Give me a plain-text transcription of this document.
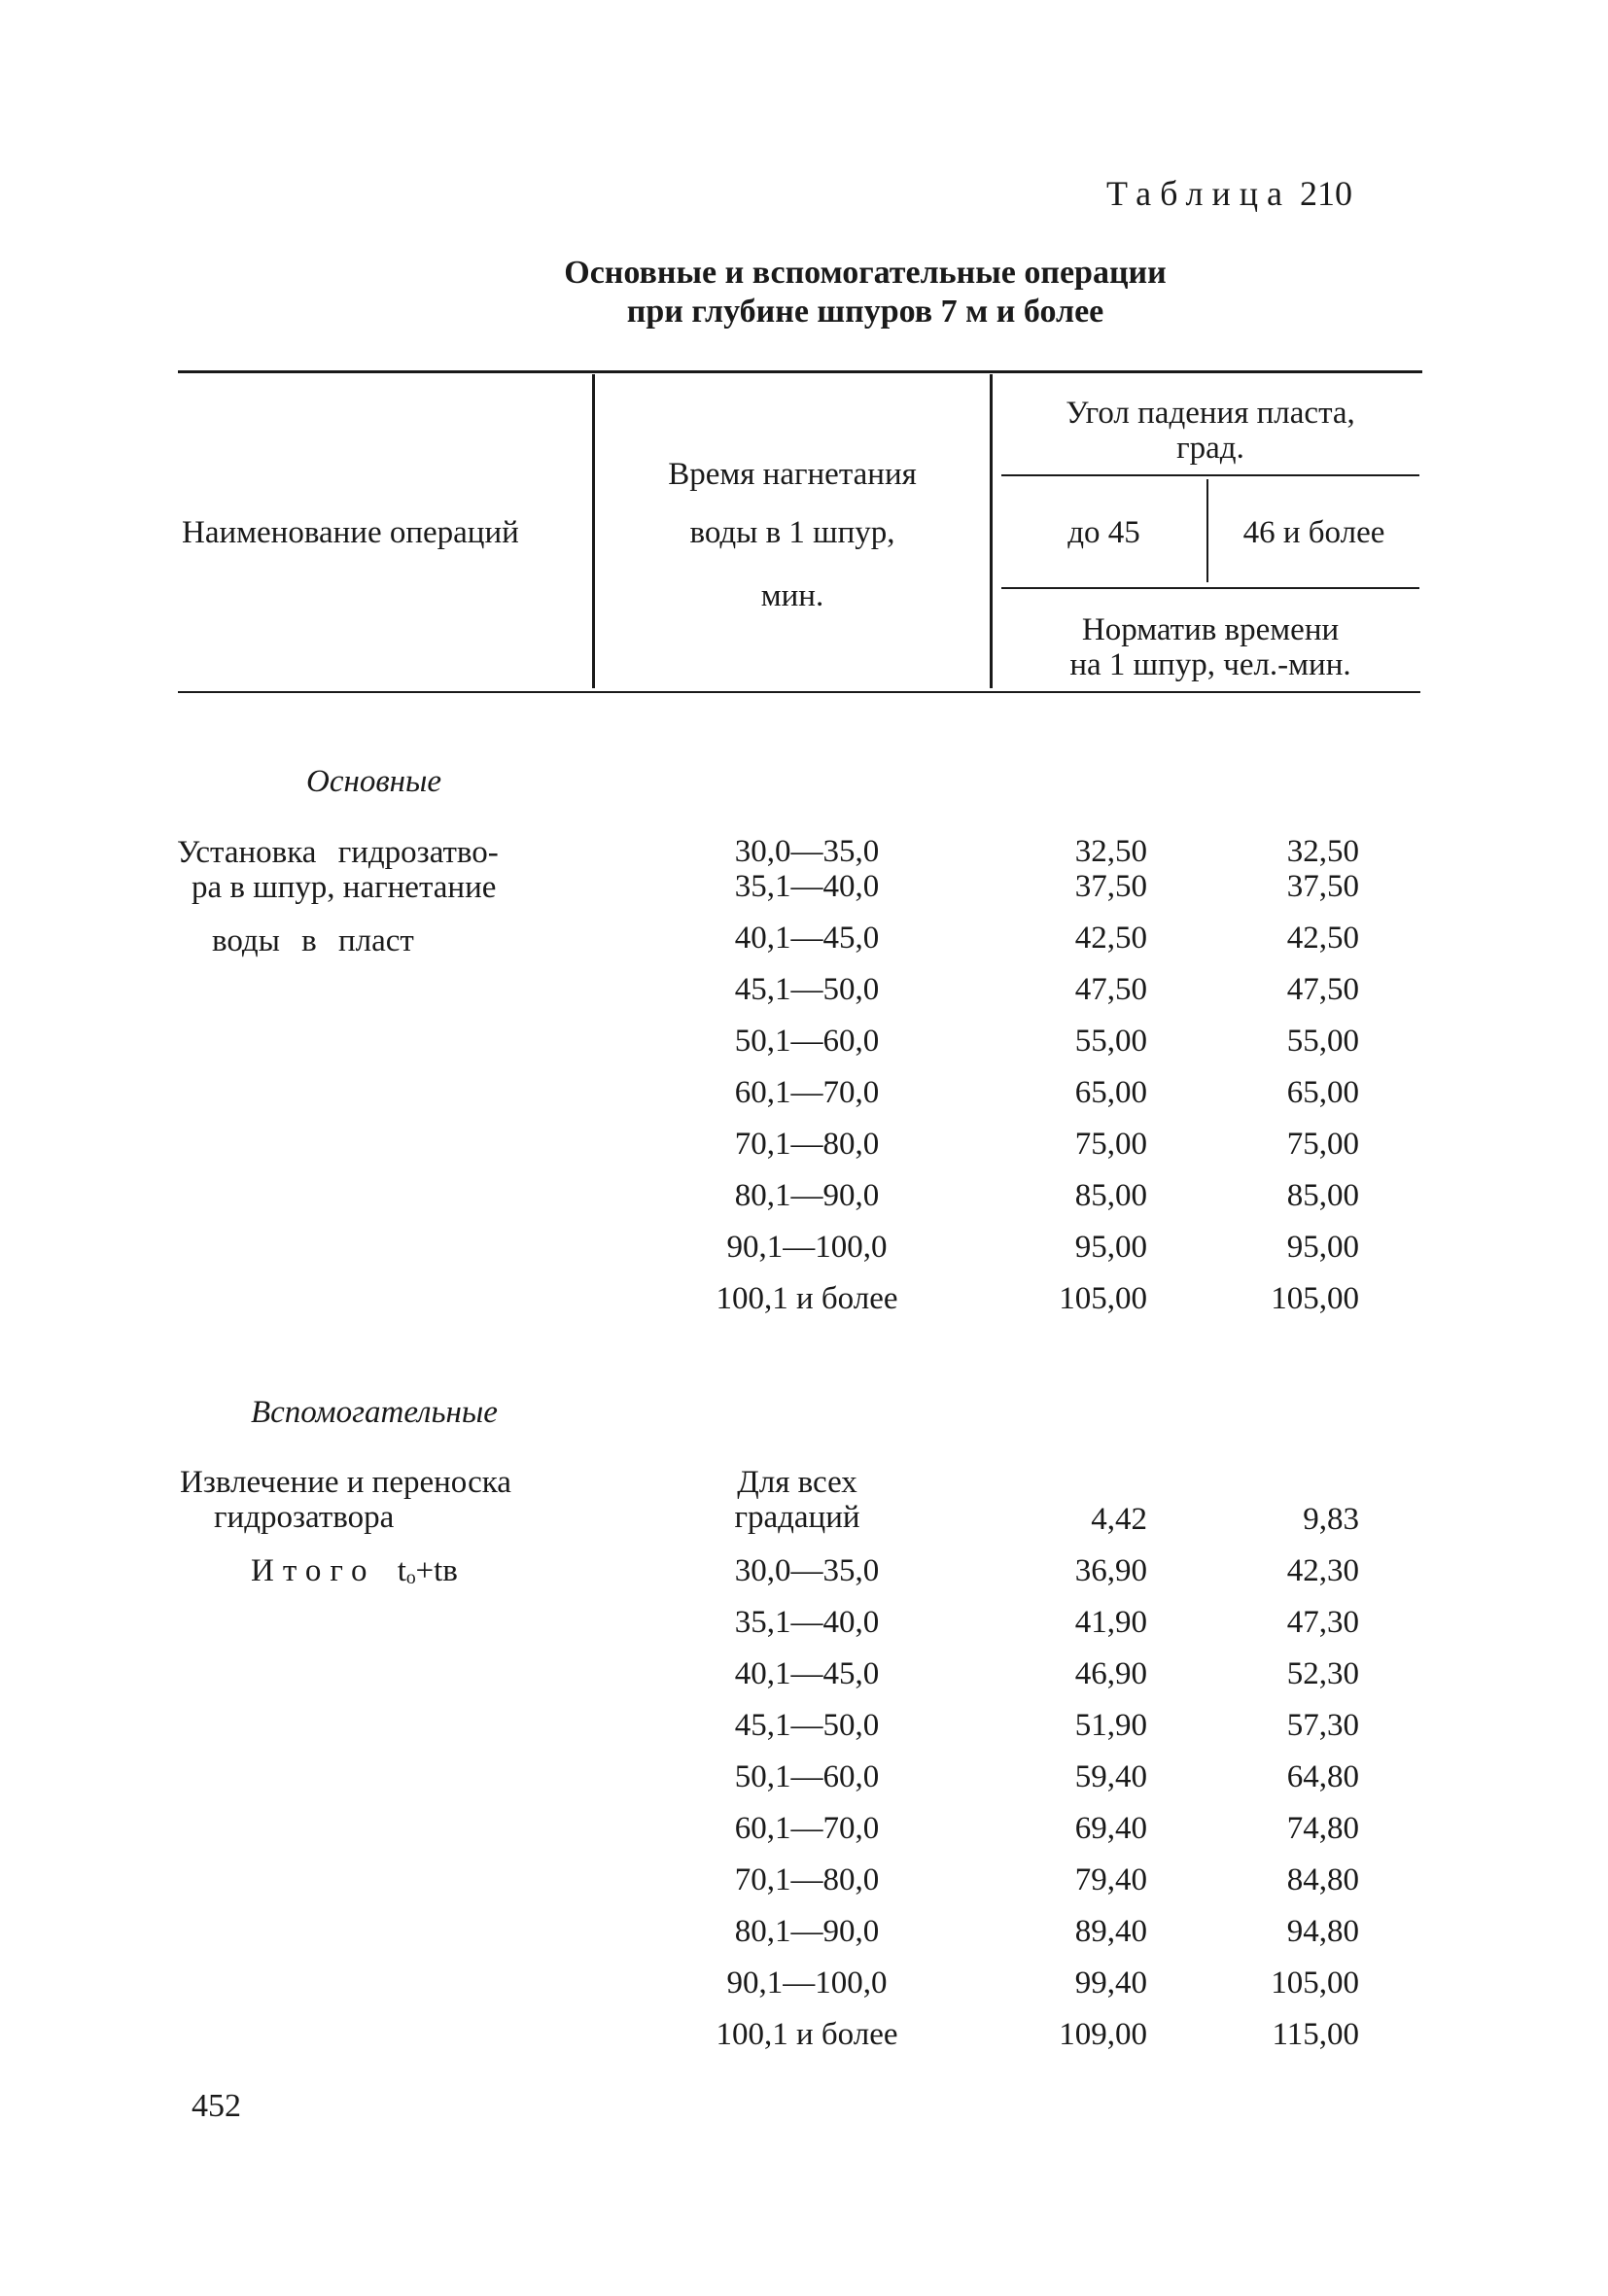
Таблица 210
Основные и вспомогательные операции
при глубине шпуров 7 м и более
Наименование операций
Время нагнетания
воды в 1 шпур,
мин.
Угол падения пласта,
град.
до 45	46 и более
Норматив времени
на 1 шпур, чел.-мин.
Основные
Установка гидрозатво-
ра в шпур, нагнетание
воды в пласт
30,0—35,0	32,50	32,50
35,1—40,0	37,50	37,50
40,1—45,0	42,50	42,50
45,1—50,0	47,50	47,50
50,1—60,0	55,00	55,00
60,1—70,0	65,00	65,00
70,1—80,0	75,00	75,00
80,1—90,0	85,00	85,00
90,1—100,0	95,00	95,00
100,1 и более	105,00	105,00
Вспомогательные
Извлечение и переноска
гидрозатвора
Для всех
градаций	4,42	9,83
Итого tₒ+tв	30,0—35,0	36,90	42,30
35,1—40,0	41,90	47,30
40,1—45,0	46,90	52,30
45,1—50,0	51,90	57,30
50,1—60,0	59,40	64,80
60,1—70,0	69,40	74,80
70,1—80,0	79,40	84,80
80,1—90,0	89,40	94,80
90,1—100,0	99,40	105,00
100,1 и более	109,00	115,00
452
